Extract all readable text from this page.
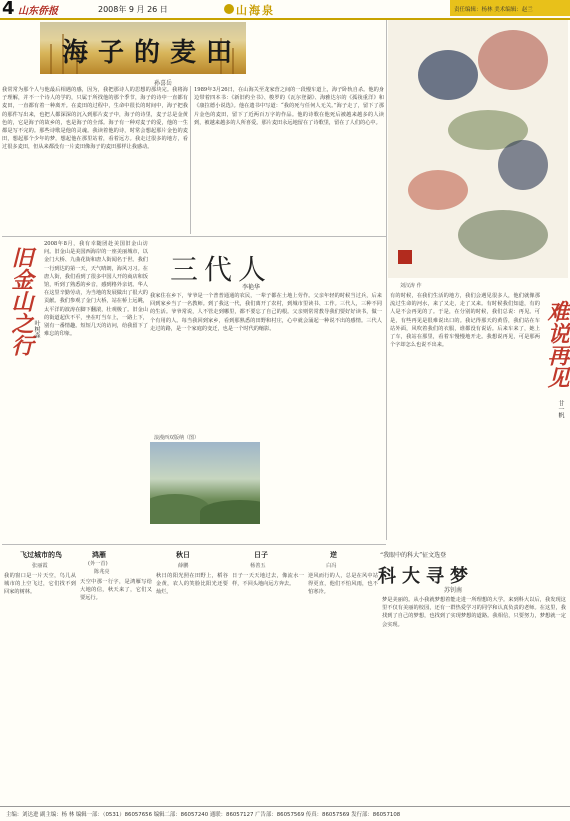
4 山东侨报	2008年 9 月 26 日	山海泉	责任编辑：杨林 美术编辑：赵兰
海子的麦田
孙喜岳
我常常为那个人与他最后相遇的感，因为，我把那诗人的思想的那块完。我将海子理解，并不一个诗人的学的，只属于所找他的那个季节，海子的诗中一直都有麦田，一直都有着一种离开。在麦田的过程中，生命中很长的时间中，海子把我的那件写出来，也把人都深深的沉入到那片麦子中，海子的诗里，麦子总是金黄色的，它是海子的故乡的，也是海子的全部。海子有一种对麦子的爱，他的一生都是写不完的。那些诗歌是他的灵魂。我读着他的诗，时常会想起那片金色的麦田，想起那个少年的梦，想起他在那里站着，看着远方。我走过很多的地方，看过很多麦田，但从来都没有一片麦田像海子的麦田那样让我感动。
1989年3月26日，在山海关至龙家营之间的一段慢车道上，海子卧轨自杀。他的身边带着四本书：《新旧约全书》、梭罗的《瓦尔登湖》、海雅达尔的《孤筏重洋》和《康拉德小说选》。他在遗书中写道：“我的死与任何人无关。”海子走了，留下了那片金色的麦田，留下了近两百万字的作品。他的诗歌在他死后被越来越多的人读到，被越来越多的人所喜爱。那片麦田永远地留在了诗歌里，留在了人们的心中。
刘汉涛 作
有的时候，在我们生活的地方，我们会遇见很多人，他们就像那流过生命的河水，来了又走，走了又来。有时候我们知道，有的人是不会再见的了。于是，在分别的时候，我们总说：再见。可是，有些再见是很难说出口的。我记得那天的黄昏，我们站在车站外面，风吹着我们的衣服，谁都没有说话。后来车来了，她上了车，我站在那里，看着车慢慢地开走。我想说再见，可是那两个字却怎么也说不出来。	难说再见
甘一帆
旧金山之行 叶树森
2008年8月，我有幸随团赴美国旧金山访问。旧金山是美国西海岸的一座美丽城市，以金门大桥、九曲花街和唐人街闻名于世。我们一行到达的第一天，天气晴朗，海风习习。在唐人街，我们看到了很多中国人开的商店和饭馆，听到了熟悉的乡音，感到格外亲切。华人在这里辛勤劳动，为当地的发展做出了很大的贡献。我们参观了金门大桥，站在桥上远眺，太平洋的波涛在脚下翻滚，壮观极了。旧金山的街道起伏不平，坐在叮当车上，一路上下，别有一番情趣。短短几天的访问，给我留下了难忘的印象。
三代人
李艳华
我家住在乡下，爷爷是一个普普通通的农民，一辈子都在土地上劳作。父亲年轻的时候当过兵，后来回到家乡当了一名教师。到了我这一代，我们离开了农村，到城市里读书、工作。三代人，三种不同的生活。爷爷常说，人不管走到哪里，都不要忘了自己的根。父亲则常常教导我们要好好读书，做一个有用的人。每当我回到家乡，看到那熟悉的田野和村庄，心中就会涌起一种说不出的感情。三代人走过的路，是一个家庭的变迁，也是一个时代的缩影。
浪漫西双版纳（图）
飞过城市的鸟
张丽霞
我的窗口是一片天空，鸟儿从城市的上空飞过，它们找不到回家的树林。
鸿雁
(外一首)
陈兆亮
天空中那一行字，是鸿雁写给大地的信，秋天来了，它们又要远行。
秋日
薛鹏
秋日的阳光照在田野上，稻谷金黄，农人的笑脸比阳光还要灿烂。
日子
杨善五
日子一天天地过去，像流水一样，不回头地向远方奔去。
逆
白冯
逆风而行的人，总是在风中站得更直，他们不怕风雨，也不怕寒冷。
“我眼中的科大”征文选登
科大寻梦
苏钊南
梦是美丽的。从小我就梦想着能走进一所理想的大学。来到科大以后，我发现这里不仅有美丽的校园，还有一群热爱学习的同学和认真负责的老师。在这里，我找到了自己的梦想，也找到了实现梦想的道路。我相信，只要努力，梦想就一定会实现。
主编：刘达进 副主编：杨 林 编辑一部：（0531）86057656 编辑二部：86057240 通联：86057127 广告部：86057569 传真：86057569 发行部：86057108
